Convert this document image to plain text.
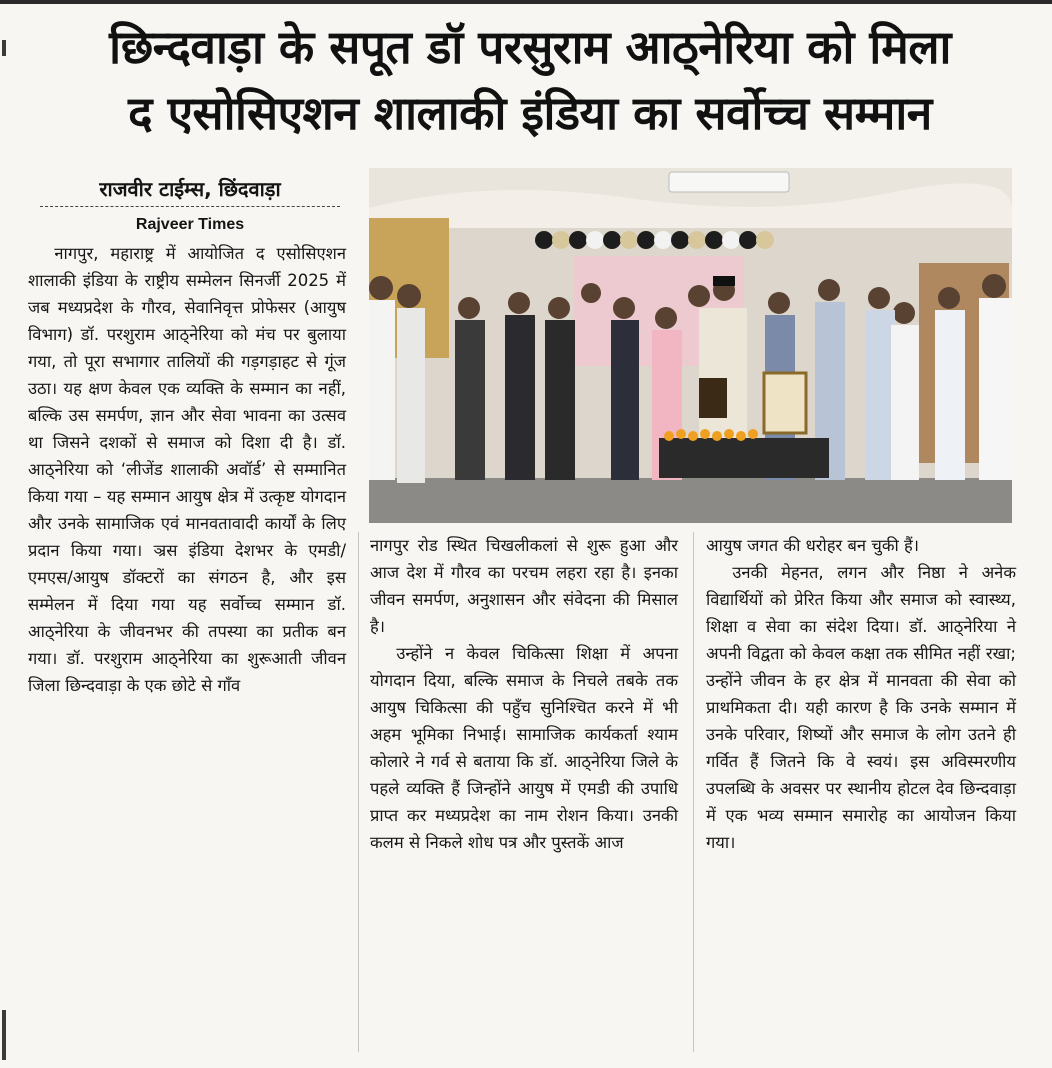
छिन्दवाड़ा के सपूत डॉ परसुराम आठ्नेरिया को मिला
द एसोसिएशन शालाकी इंडिया का सर्वोच्च सम्मान
राजवीर टाईम्स, छिंदवाड़ा
Rajveer Times

नागपुर, महाराष्ट्र में आयोजित द एसोसिएशन शालाकी इंडिया के राष्ट्रीय सम्मेलन सिनर्जी 2025 में जब मध्यप्रदेश के गौरव, सेवानिवृत्त प्रोफेसर (आयुष विभाग) डॉ. परशुराम आठ्नेरिया को मंच पर बुलाया गया, तो पूरा सभागार तालियों की गड़गड़ाहट से गूंज उठा। यह क्षण केवल एक व्यक्ति के सम्मान का नहीं, बल्कि उस समर्पण, ज्ञान और सेवा भावना का उत्सव था जिसने दशकों से समाज को दिशा दी है। डॉ. आठ्नेरिया को ‘लीजेंड शालाकी अवॉर्ड’ से सम्मानित किया गया – यह सम्मान आयुष क्षेत्र में उत्कृष्ट योगदान और उनके सामाजिक एवं मानवतावादी कार्यों के लिए प्रदान किया गया। ञ्रस इंडिया देशभर के एमडी/एमएस/आयुष डॉक्टरों का संगठन है, और इस सम्मेलन में दिया गया यह सर्वोच्च सम्मान डॉ. आठ्नेरिया के जीवनभर की तपस्या का प्रतीक बन गया। डॉ. परशुराम आठ्नेरिया का शुरूआती जीवन जिला छिन्दवाड़ा के एक छोटे से गाँव

नागपुर रोड स्थित चिखलीकलां से शुरू हुआ और आज देश में गौरव का परचम लहरा रहा है। इनका जीवन समर्पण, अनुशासन और संवेदना की मिसाल है।

उन्होंने न केवल चिकित्सा शिक्षा में अपना योगदान दिया, बल्कि समाज के निचले तबके तक आयुष चिकित्सा की पहुँच सुनिश्चित करने में भी अहम भूमिका निभाई। सामाजिक कार्यकर्ता श्याम कोलारे ने गर्व से बताया कि डॉ. आठ्नेरिया जिले के पहले व्यक्ति हैं जिन्होंने आयुष में एमडी की उपाधि प्राप्त कर मध्यप्रदेश का नाम रोशन किया। उनकी कलम से निकले शोध पत्र और पुस्तकें आज

आयुष जगत की धरोहर बन चुकी हैं।

उनकी मेहनत, लगन और निष्ठा ने अनेक विद्यार्थियों को प्रेरित किया और समाज को स्वास्थ्य, शिक्षा व सेवा का संदेश दिया। डॉ. आठ्नेरिया ने अपनी विद्वता को केवल कक्षा तक सीमित नहीं रखा; उन्होंने जीवन के हर क्षेत्र में मानवता की सेवा को प्राथमिकता दी। यही कारण है कि उनके सम्मान में उनके परिवार, शिष्यों और समाज के लोग उतने ही गर्वित हैं जितने कि वे स्वयं। इस अविस्मरणीय उपलब्धि के अवसर पर स्थानीय होटल देव छिन्दवाड़ा में एक भव्य सम्मान समारोह का आयोजन किया गया।
